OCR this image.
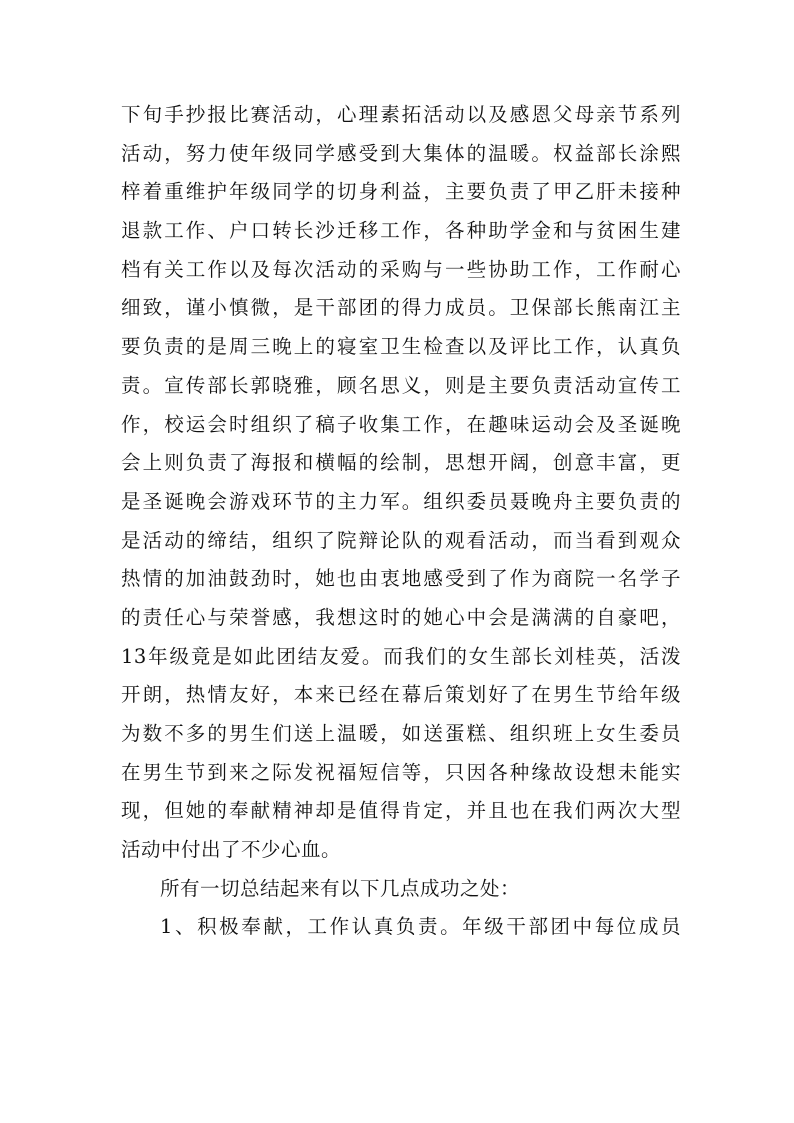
下旬手抄报比赛活动，心理素拓活动以及感恩父母亲节系列
活动，努力使年级同学感受到大集体的温暖。权益部长涂熙
梓着重维护年级同学的切身利益，主要负责了甲乙肝未接种
退款工作、户口转长沙迁移工作，各种助学金和与贫困生建
档有关工作以及每次活动的采购与一些协助工作，工作耐心
细致，谨小慎微，是干部团的得力成员。卫保部长熊南江主
要负责的是周三晚上的寝室卫生检查以及评比工作，认真负
责。宣传部长郭晓雅，顾名思义，则是主要负责活动宣传工
作，校运会时组织了稿子收集工作，在趣味运动会及圣诞晚
会上则负责了海报和横幅的绘制，思想开阔，创意丰富，更
是圣诞晚会游戏环节的主力军。组织委员聂晚舟主要负责的
是活动的缔结，组织了院辩论队的观看活动，而当看到观众
热情的加油鼓劲时，她也由衷地感受到了作为商院一名学子
的责任心与荣誉感，我想这时的她心中会是满满的自豪吧，
13年级竟是如此团结友爱。而我们的女生部长刘桂英，活泼
开朗，热情友好，本来已经在幕后策划好了在男生节给年级
为数不多的男生们送上温暖，如送蛋糕、组织班上女生委员
在男生节到来之际发祝福短信等，只因各种缘故设想未能实
现，但她的奉献精神却是值得肯定，并且也在我们两次大型
活动中付出了不少心血。
所有一切总结起来有以下几点成功之处：
1、积极奉献，工作认真负责。年级干部团中每位成员
